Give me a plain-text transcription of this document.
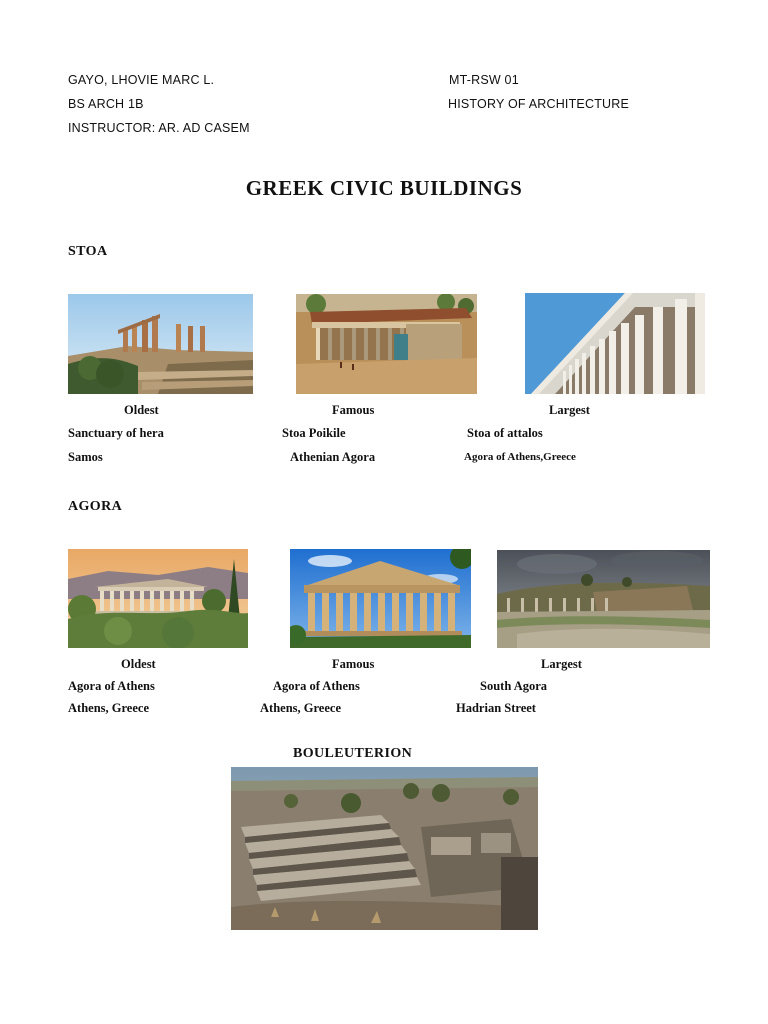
GAYO, LHOVIE MARC L.	MT-RSW 01
BS ARCH 1B	HISTORY OF ARCHITECTURE
INSTRUCTOR: AR. AD CASEM
GREEK CIVIC BUILDINGS
STOA
Oldest	Famous	Largest
Sanctuary of hera	Stoa Poikile	Stoa of attalos
Samos	Athenian Agora	Agora of Athens,Greece
AGORA
Oldest	Famous	Largest
Agora of Athens	Agora of Athens	South Agora
Athens, Greece	Athens, Greece	Hadrian Street
BOULEUTERION
